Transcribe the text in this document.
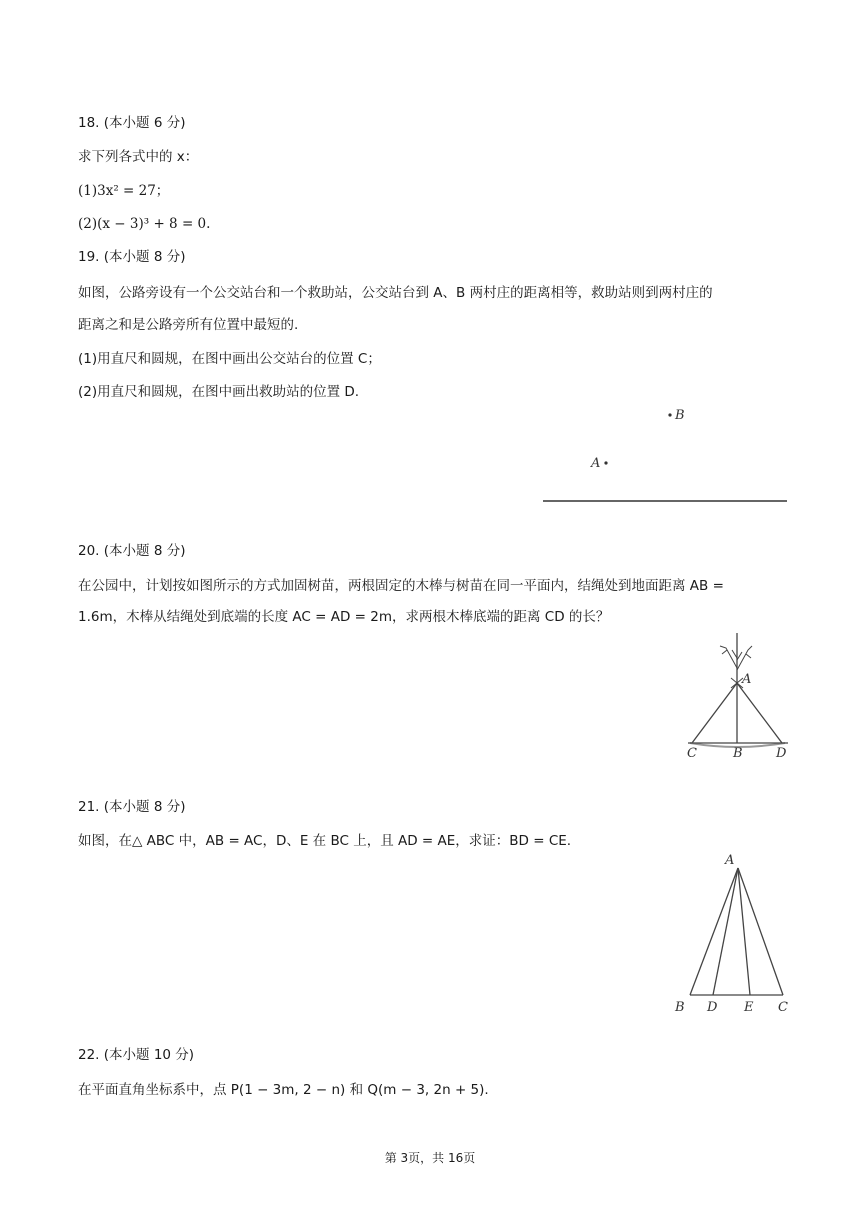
18. (本小题 6 分)
求下列各式中的 x：
(1)3x² = 27；
(2)(x − 3)³ + 8 = 0.
19. (本小题 8 分)
如图，公路旁设有一个公交站台和一个救助站，公交站台到 A、B 两村庄的距离相等，救助站则到两村庄的
距离之和是公路旁所有位置中最短的.
(1)用直尺和圆规，在图中画出公交站台的位置 C；
(2)用直尺和圆规，在图中画出救助站的位置 D.
B
A
20. (本小题 8 分)
在公园中，计划按如图所示的方式加固树苗，两根固定的木棒与树苗在同一平面内，结绳处到地面距离 AB =
1.6m，木棒从结绳处到底端的长度 AC = AD = 2m，求两根木棒底端的距离 CD 的长？
A
C	B	D
21. (本小题 8 分)
如图，在△ ABC 中，AB = AC，D、E 在 BC 上，且 AD = AE，求证：BD = CE.
A
B D E C
22. (本小题 10 分)
在平面直角坐标系中，点 P(1 − 3m, 2 − n) 和 Q(m − 3, 2n + 5).
第 3页，共 16页
